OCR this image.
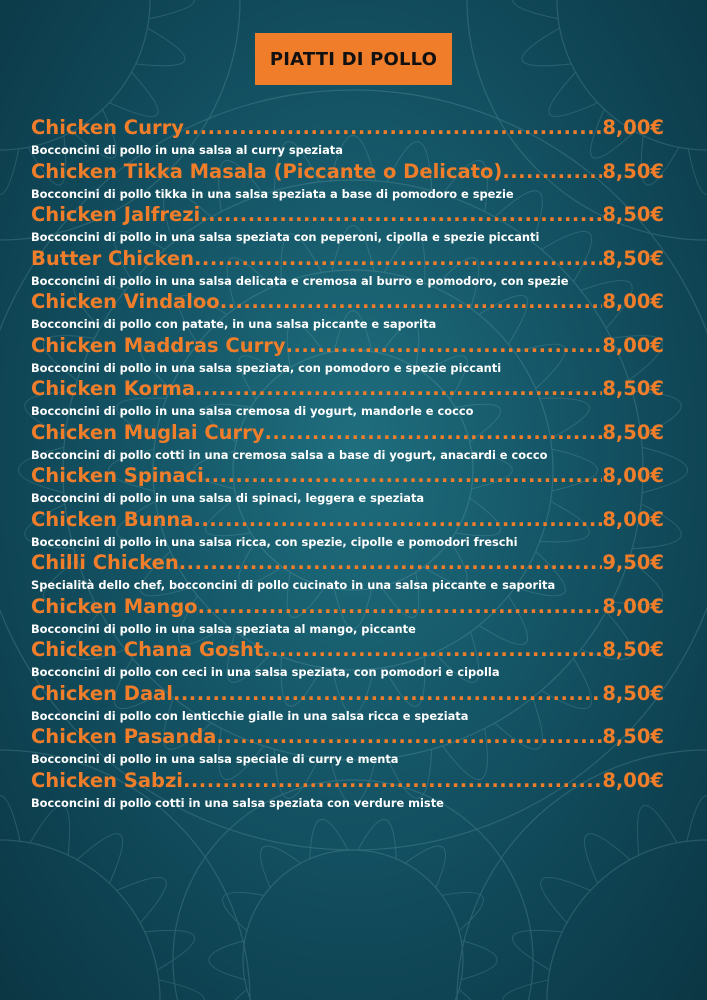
PIATTI DI POLLO
Chicken Curry .....	8,00€
Bocconcini di pollo in una salsa al curry speziata
Chicken Tikka Masala (Piccante o Delicato) .....	8,50€
Bocconcini di pollo tikka in una salsa speziata a base di pomodoro e spezie
Chicken Jalfrezi .....	8,50€
Bocconcini di pollo in una salsa speziata con peperoni, cipolla e spezie piccanti
Butter Chicken .....	8,50€
Bocconcini di pollo in una salsa delicata e cremosa al burro e pomodoro, con spezie
Chicken Vindaloo .....	8,00€
Bocconcini di pollo con patate, in una salsa piccante e saporita
Chicken Maddras Curry .....	8,00€
Bocconcini di pollo in una salsa speziata, con pomodoro e spezie piccanti
Chicken Korma .....	8,50€
Bocconcini di pollo in una salsa cremosa di yogurt, mandorle e cocco
Chicken Muglai Curry .....	8,50€
Bocconcini di pollo cotti in una cremosa salsa a base di yogurt, anacardi e cocco
Chicken Spinaci .....	8,00€
Bocconcini di pollo in una salsa di spinaci, leggera e speziata
Chicken Bunna .....	8,00€
Bocconcini di pollo in una salsa ricca, con spezie, cipolle e pomodori freschi
Chilli Chicken .....	9,50€
Specialità dello chef, bocconcini di pollo cucinato in una salsa piccante e saporita
Chicken Mango .....	8,00€
Bocconcini di pollo in una salsa speziata al mango, piccante
Chicken Chana Gosht .....	8,50€
Bocconcini di pollo con ceci in una salsa speziata, con pomodori e cipolla
Chicken Daal .....	8,50€
Bocconcini di pollo con lenticchie gialle in una salsa ricca e speziata
Chicken Pasanda .....	8,50€
Bocconcini di pollo in una salsa speciale di curry e menta
Chicken Sabzi .....	8,00€
Bocconcini di pollo cotti in una salsa speziata con verdure miste
